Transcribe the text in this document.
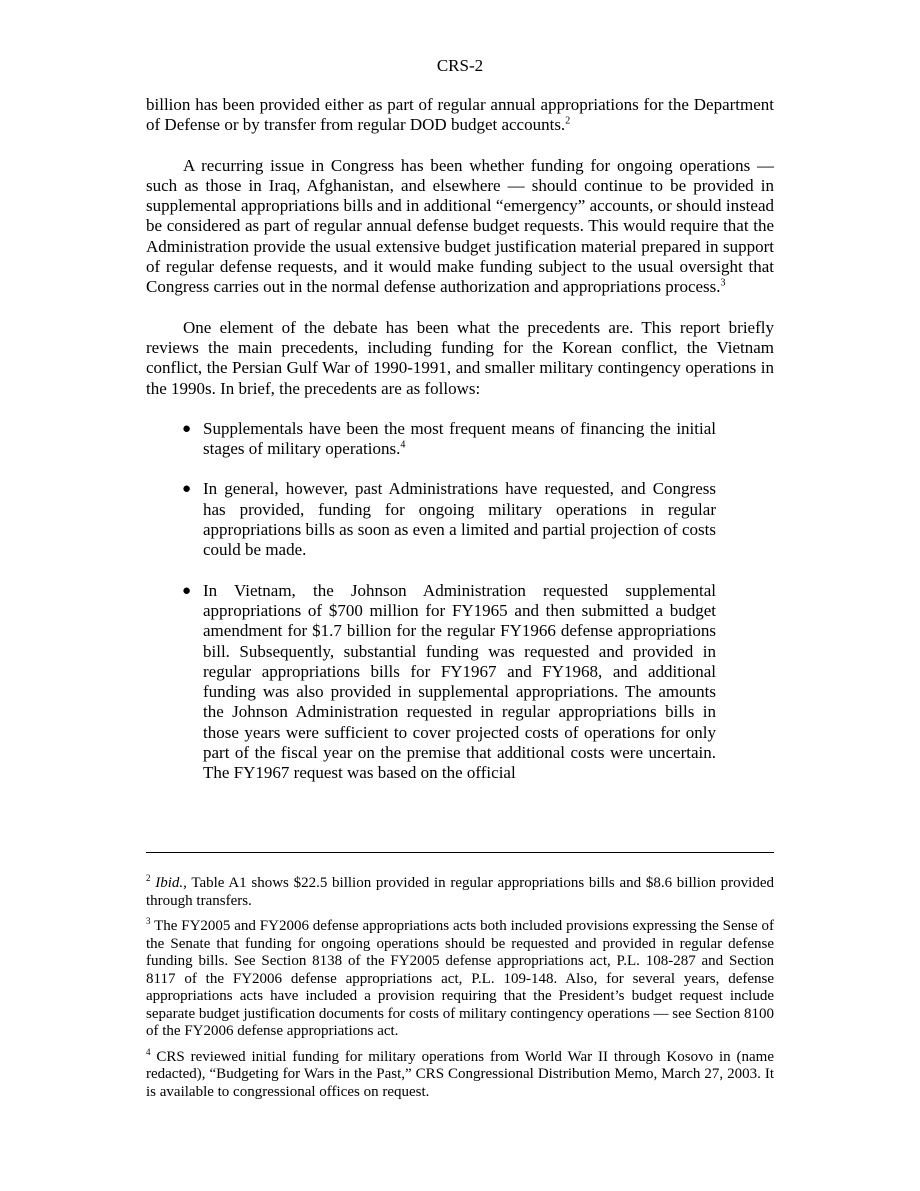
CRS-2

billion has been provided either as part of regular annual appropriations for the Department of Defense or by transfer from regular DOD budget accounts.$^2$

A recurring issue in Congress has been whether funding for ongoing operations — such as those in Iraq, Afghanistan, and elsewhere — should continue to be provided in supplemental appropriations bills and in additional “emergency” accounts, or should instead be considered as part of regular annual defense budget requests. This would require that the Administration provide the usual extensive budget justification material prepared in support of regular defense requests, and it would make funding subject to the usual oversight that Congress carries out in the normal defense authorization and appropriations process.$^3$

One element of the debate has been what the precedents are. This report briefly reviews the main precedents, including funding for the Korean conflict, the Vietnam conflict, the Persian Gulf War of 1990-1991, and smaller military contingency operations in the 1990s. In brief, the precedents are as follows:

● Supplementals have been the most frequent means of financing the initial stages of military operations.$^4$
● In general, however, past Administrations have requested, and Congress has provided, funding for ongoing military operations in regular appropriations bills as soon as even a limited and partial projection of costs could be made.
● In Vietnam, the Johnson Administration requested supplemental appropriations of $700 million for FY1965 and then submitted a budget amendment for $1.7 billion for the regular FY1966 defense appropriations bill. Subsequently, substantial funding was requested and provided in regular appropriations bills for FY1967 and FY1968, and additional funding was also provided in supplemental appropriations. The amounts the Johnson Administration requested in regular appropriations bills in those years were sufficient to cover projected costs of operations for only part of the fiscal year on the premise that additional costs were uncertain. The FY1967 request was based on the official

$^2$ Ibid., Table A1 shows $22.5 billion provided in regular appropriations bills and $8.6 billion provided through transfers.

$^3$ The FY2005 and FY2006 defense appropriations acts both included provisions expressing the Sense of the Senate that funding for ongoing operations should be requested and provided in regular defense funding bills. See Section 8138 of the FY2005 defense appropriations act, P.L. 108-287 and Section 8117 of the FY2006 defense appropriations act, P.L. 109-148. Also, for several years, defense appropriations acts have included a provision requiring that the President’s budget request include separate budget justification documents for costs of military contingency operations — see Section 8100 of the FY2006 defense appropriations act.

$^4$ CRS reviewed initial funding for military operations from World War II through Kosovo in (name redacted), “Budgeting for Wars in the Past,” CRS Congressional Distribution Memo, March 27, 2003. It is available to congressional offices on request.
